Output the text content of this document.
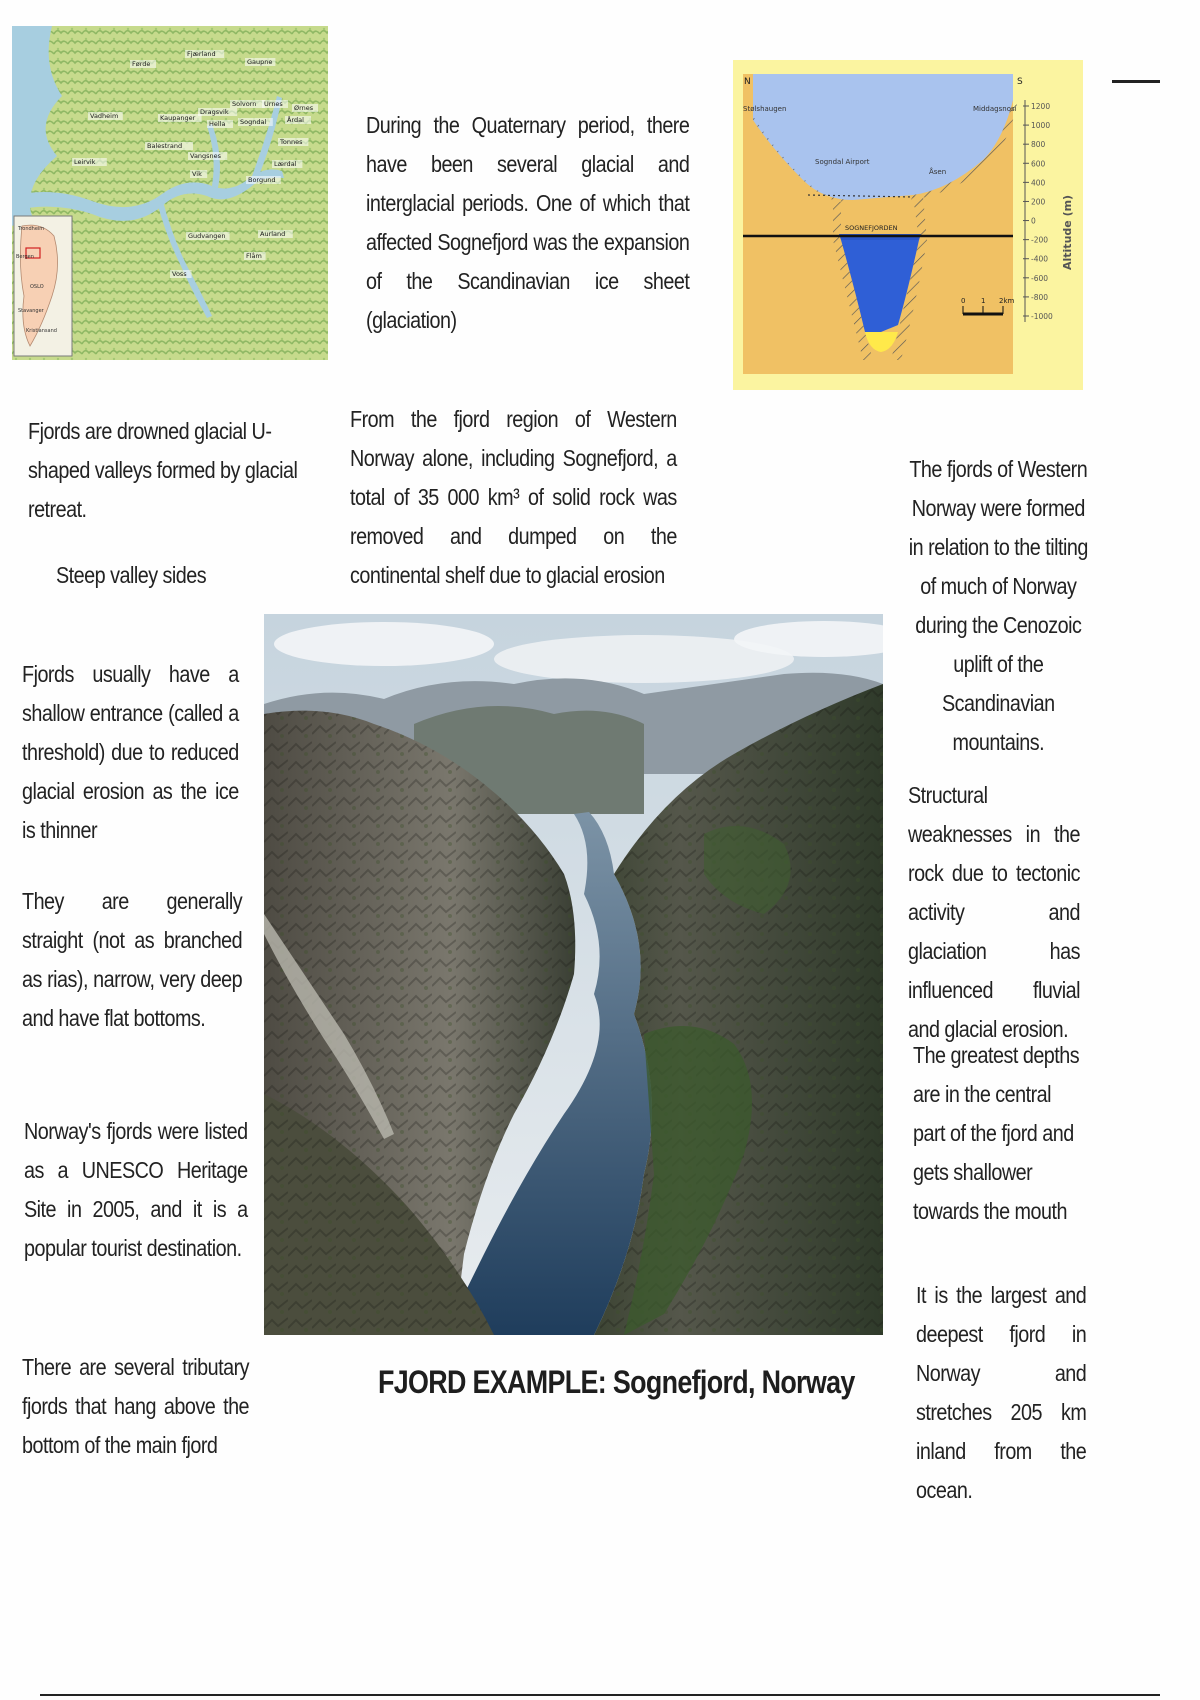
Førde
Fjærland
Gaupne
Solvorn Urnes Ørnes
Vadheim	Kaupanger
Dragsvik
Hella Sogndal	Årdal
Balestrand
Vangsnes
Tonnes
Leirvik	Lærdal
Borgund
Vik
Gudvangen	Aurland
Flåm
Voss
Trondheim
Bergen
OSLO
Stavanger
Kristiansand
During the Quaternary period, there have been several glacial and interglacial periods. One of which that affected Sognefjord was the expansion of the Scandinavian ice sheet (glaciation)
1200
1000
800
600
400
200
0
-200
-400
-600
-800
-1000
Altitude (m)
0 1 2km
N	S
Stølshaugen	Middagsnosi
Sogndal Airport
Åsen
SOGNEFJORDEN
Fjords are drowned glacial U-shaped valleys formed by glacial retreat.
Steep valley sides
Fjords usually have a shallow entrance (called a threshold) due to reduced glacial erosion as the ice is thinner
They are generally straight (not as branched as rias), narrow, very deep and have flat bottoms.
Norway's fjords were listed as a UNESCO Heritage Site in 2005, and it is a popular tourist destination.
There are several tributary fjords that hang above the bottom of the main fjord
From the fjord region of Western Norway alone, including Sognefjord, a total of 35 000 km³ of solid rock was removed and dumped on the continental shelf due to glacial erosion
The fjords of Western Norway were formed in relation to the tilting of much of Norway during the Cenozoic uplift of the Scandinavian mountains.
Structural weaknesses in the rock due to tectonic activity and glaciation has influenced fluvial and glacial erosion.
The greatest depths are in the central part of the fjord and gets shallower towards the mouth
It is the largest and deepest fjord in Norway and stretches 205 km inland from the ocean.
FJORD EXAMPLE: Sognefjord, Norway
